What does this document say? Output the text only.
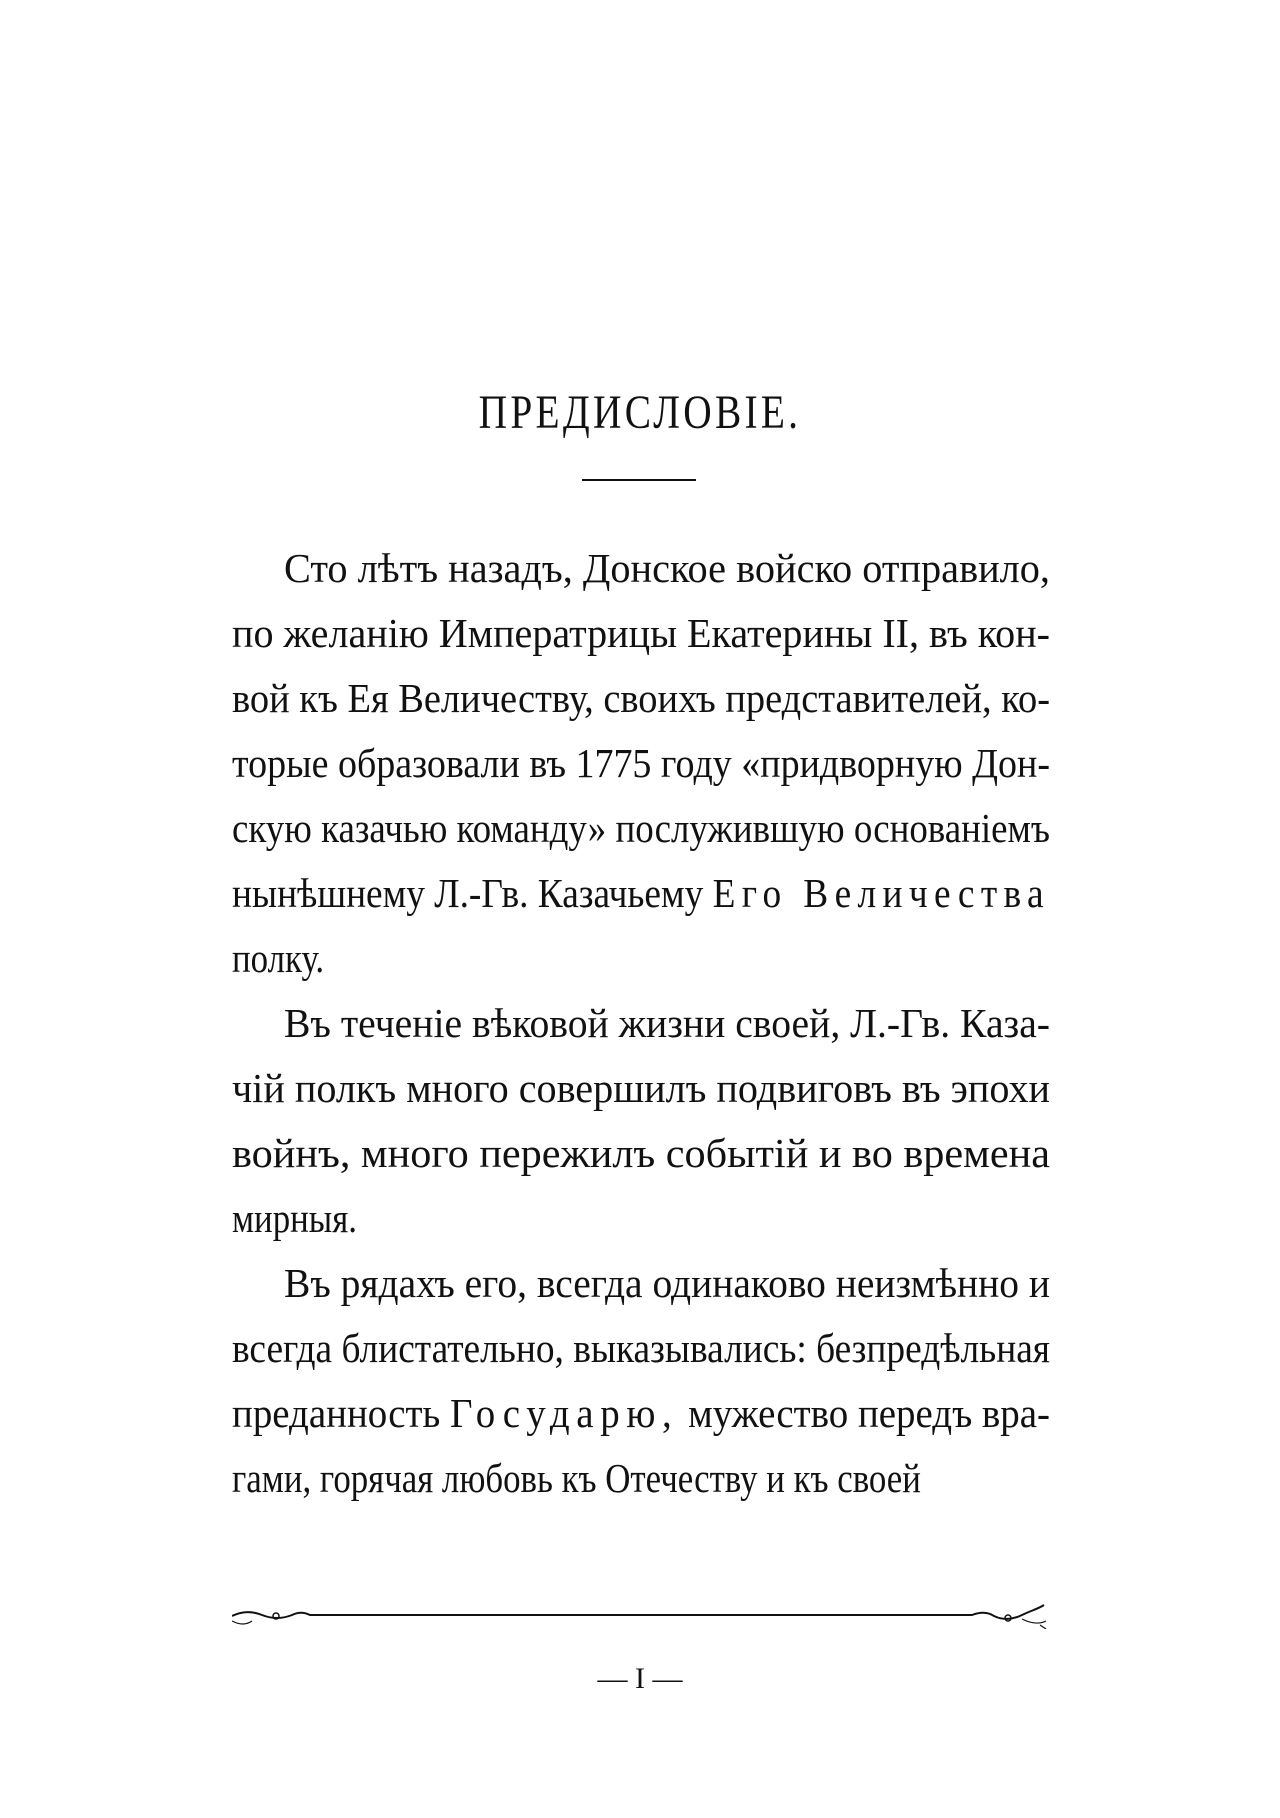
ПРЕДИСЛОВІЕ.
Сто лѣтъ назадъ, Донское войско отправило,
по желанію Императрицы Екатерины II, въ кон-
вой къ Ея Величеству, своихъ представителей, ко-
торые образовали въ 1775 году «придворную Дон-
скую казачью команду» послужившую основаніемъ
нынѣшнему Л.-Гв. Казачьему Его Величества
полку.
Въ теченіе вѣковой жизни своей, Л.-Гв. Каза-
чій полкъ много совершилъ подвиговъ въ эпохи
войнъ, много пережилъ событій и во времена
мирныя.
Въ рядахъ его, всегда одинаково неизмѣнно и
всегда блистательно, выказывались: безпредѣльная
преданность Государю, мужество передъ вра-
гами, горячая любовь къ Отечеству и къ своей
— I —
